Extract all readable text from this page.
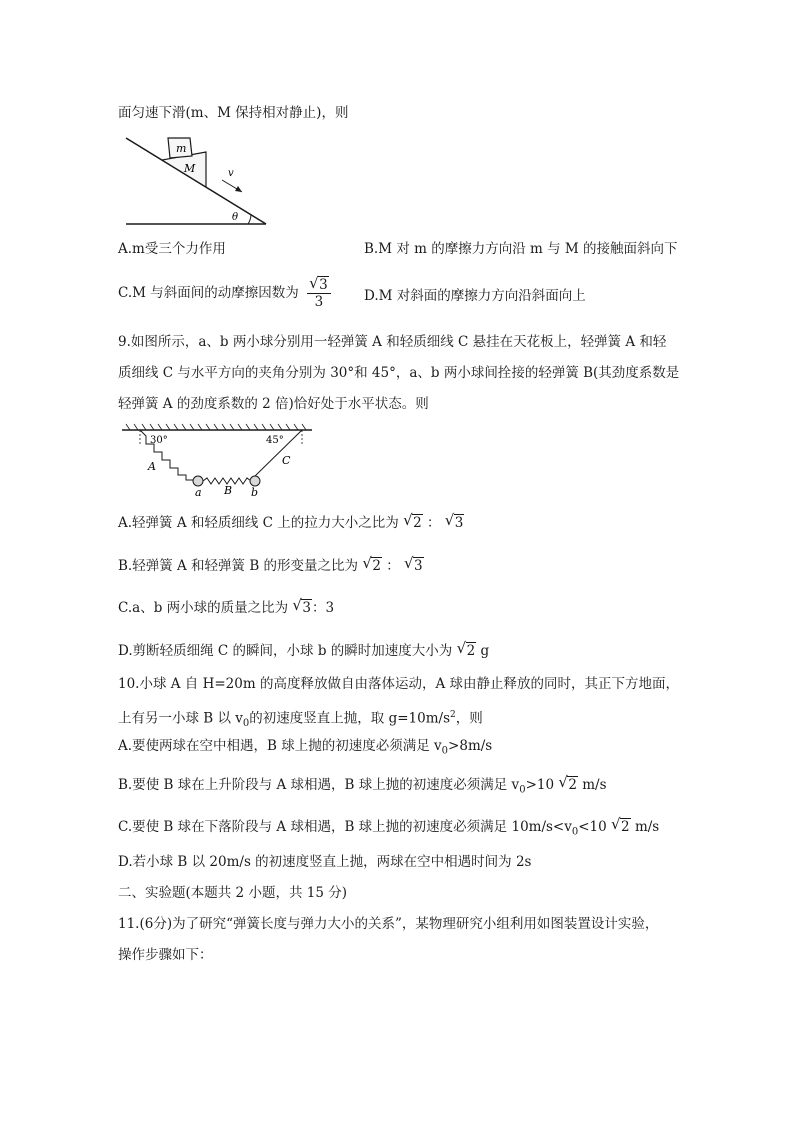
面匀速下滑(m、M 保持相对静止)，则
m
M	v
θ
A.m受三个力作用	B.M 对 m 的摩擦力方向沿 m 与 M 的接触面斜向下
C.M 与斜面间的动摩擦因数为 $\frac{√ 3}{3} D.M$ 对斜面的摩擦力方向沿斜面向上
9.如图所示，a、b 两小球分别用一轻弹簧 A 和轻质细线 C 悬挂在天花板上，轻弹簧 A 和轻
质细线 C 与水平方向的夹角分别为 30°和 45°，a、b 两小球间拴接的轻弹簧 B(其劲度系数是
轻弹簧 A 的劲度系数的 2 倍)恰好处于水平状态。则
30°
A
B
a	b
45°
C
A.轻弹簧 A 和轻质细线 C 上的拉力大小之比为 √ 2 ： √ 3
B.轻弹簧 A 和轻弹簧 B 的形变量之比为 √ 2 ： √ 3
C.a、b 两小球的质量之比为 √ 3：3
D.剪断轻质细绳 C 的瞬间，小球 b 的瞬时加速度大小为 √ 2 g
10.小球 A 自 H=20m 的高度释放做自由落体运动，A 球由静止释放的同时，其正下方地面，
上有另一小球 B 以 $v_0$的初速度竖直上抛，取 $g=10m/s^2$，则
A.要使两球在空中相遇，B 球上抛的初速度必须满足 $v_0>8m/s$
B.要使 B 球在上升阶段与 A 球相遇，B 球上抛的初速度必须满足 $v_0>10$ √ 2 m/s
C.要使 B 球在下落阶段与 A 球相遇，B 球上抛的初速度必须满足 $10m/s<v_0<10$ √ 2 m/s
D.若小球 B 以 20m/s 的初速度竖直上抛，两球在空中相遇时间为 2s
二、实验题(本题共 2 小题，共 15 分)
11.(6分)为了研究“弹簧长度与弹力大小的关系”，某物理研究小组利用如图装置设计实验，
操作步骤如下：
